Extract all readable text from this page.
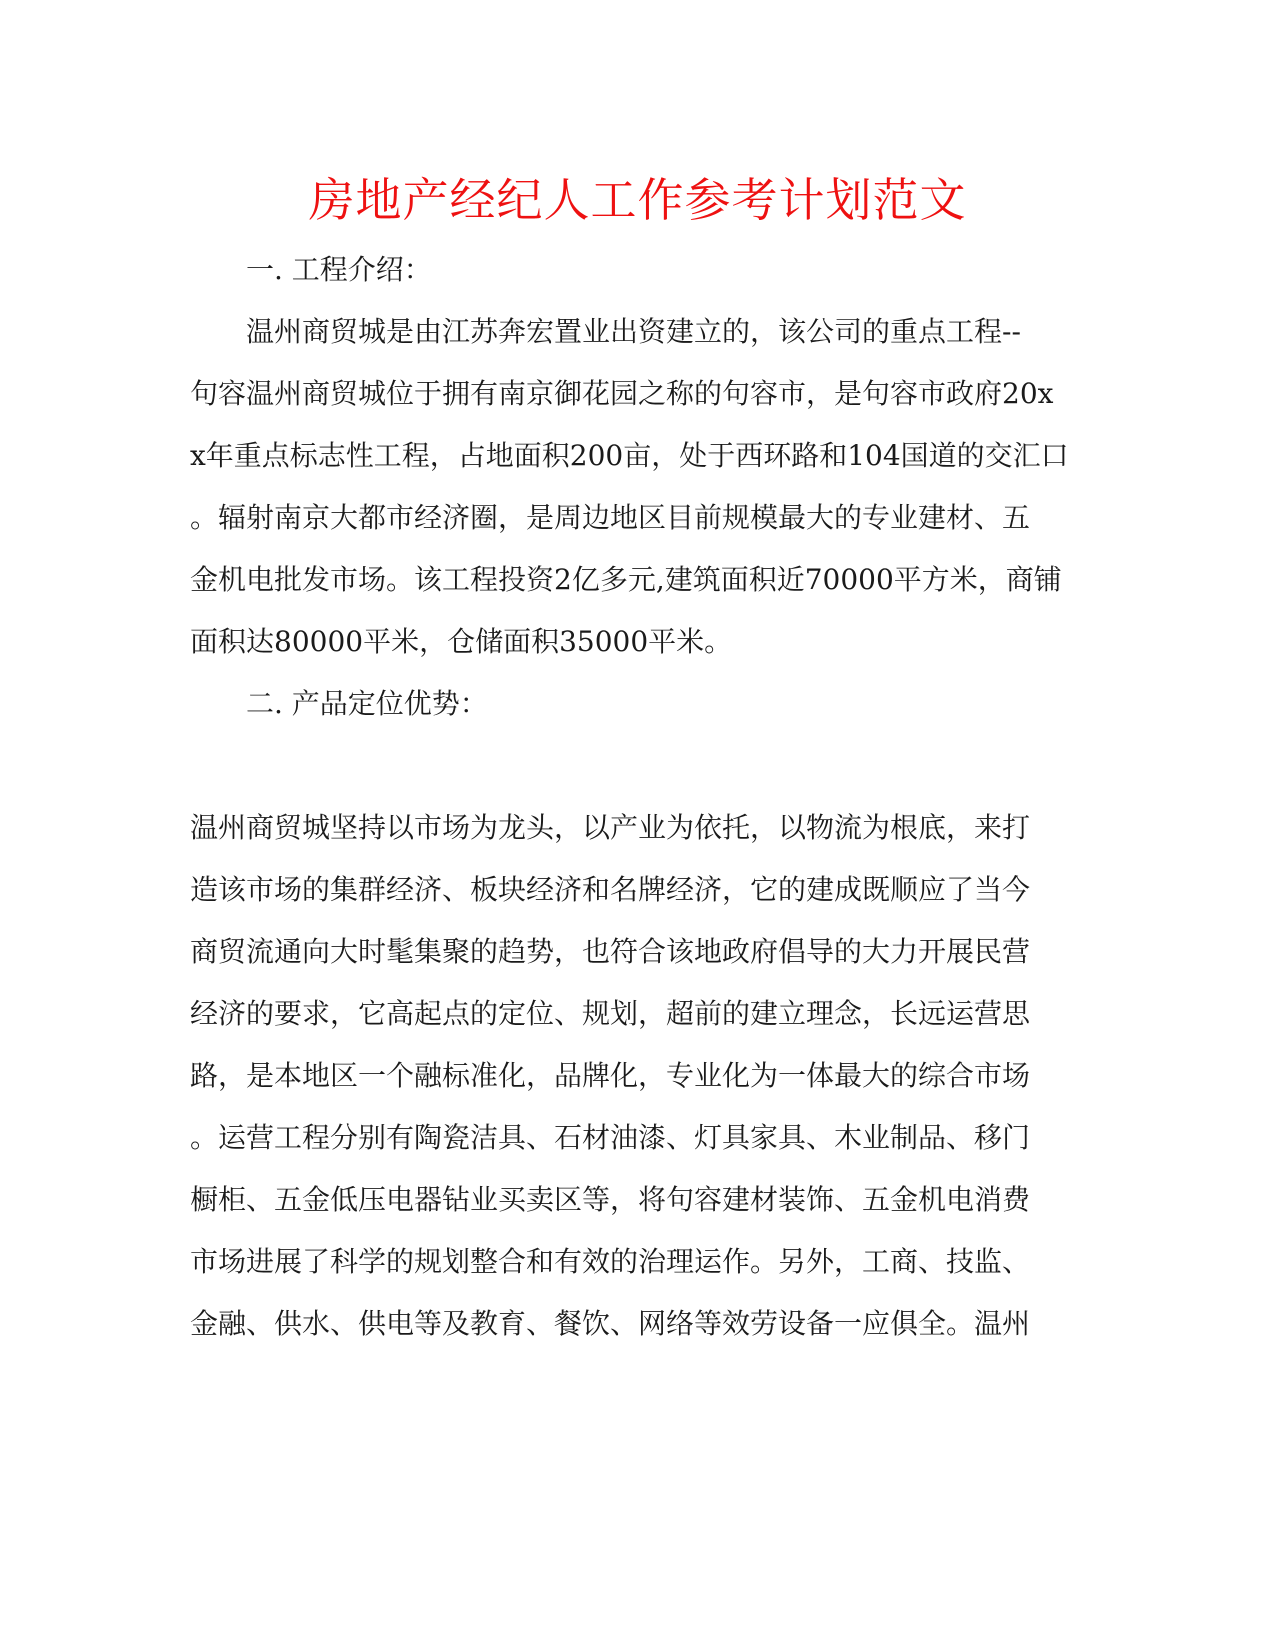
房地产经纪人工作参考计划范文

一. 工程介绍：

温州商贸城是由江苏奔宏置业出资建立的，该公司的重点工程--

句容温州商贸城位于拥有南京御花园之称的句容市，是句容市政府20x

x年重点标志性工程，占地面积200亩，处于西环路和104国道的交汇口

。辐射南京大都市经济圈，是周边地区目前规模最大的专业建材、五

金机电批发市场。该工程投资2亿多元,建筑面积近70000平方米，商铺

面积达80000平米，仓储面积35000平米。

二. 产品定位优势：

温州商贸城坚持以市场为龙头，以产业为依托，以物流为根底，来打

造该市场的集群经济、板块经济和名牌经济，它的建成既顺应了当今

商贸流通向大时髦集聚的趋势，也符合该地政府倡导的大力开展民营

经济的要求，它高起点的定位、规划，超前的建立理念，长远运营思

路，是本地区一个融标准化，品牌化，专业化为一体最大的综合市场

。运营工程分别有陶瓷洁具、石材油漆、灯具家具、木业制品、移门

橱柜、五金低压电器钻业买卖区等，将句容建材装饰、五金机电消费

市场进展了科学的规划整合和有效的治理运作。另外，工商、技监、

金融、供水、供电等及教育、餐饮、网络等效劳设备一应俱全。温州
